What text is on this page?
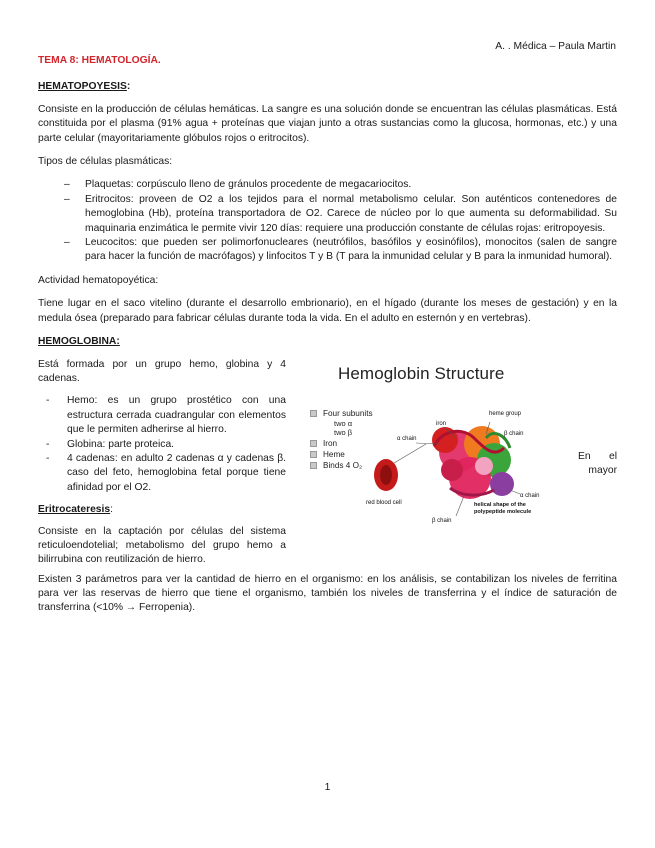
A. . Médica – Paula Martin
TEMA 8: HEMATOLOGÍA.
HEMATOPOYESIS:

Consiste en la producción de células hemáticas. La sangre es una solución donde se encuentran las células plasmáticas. Está constituida por el plasma (91% agua + proteínas que viajan junto a otras sustancias como la glucosa, hormonas, etc.) y una parte celular (mayoritariamente glóbulos rojos o eritrocitos).

Tipos de células plasmáticas:

– Plaquetas: corpúsculo lleno de gránulos procedente de megacariocitos.
– Eritrocitos: proveen de O2 a los tejidos para el normal metabolismo celular. Son auténticos contenedores de hemoglobina (Hb), proteína transportadora de O2. Carece de núcleo por lo que aumenta su deformabilidad. Su maquinaria enzimática le permite vivir 120 días: requiere una producción constante de células rojas: eritropoyesis.
– Leucocitos: que pueden ser polimorfonucleares (neutrófilos, basófilos y eosinófilos), monocitos (salen de sangre para hacer la función de macrófagos) y linfocitos T y B (T para la inmunidad celular y B para la inmunidad humoral).

Actividad hematopoyética:

Tiene lugar en el saco vitelino (durante el desarrollo embrionario), en el hígado (durante los meses de gestación) y en la medula ósea (preparado para fabricar células durante toda la vida. En el adulto en esternón y en vertebras).

HEMOGLOBINA:

Está formada por un grupo hemo, globina y 4 cadenas.

- Hemo: es un grupo prostético con una estructura cerrada cuadrangular con elementos que le permiten adherirse al hierro.
- Globina: parte proteica.
- 4 cadenas: en adulto 2 cadenas α y cadenas β. caso del feto, hemoglobina fetal porque tiene afinidad por el O2.
Eritrocateresis:

Consiste en la captación por células del sistema reticuloendotelial; metabolismo del grupo hemo a bilirrubina con reutilización de hierro.

En el
mayor
Hemoglobin Structure
Four subunits
two α
two β
Iron
Heme
Binds 4 O₂
iron
heme group
β chain
α chain
red blood cell
β chain
α chain
helical shape of the polypeptide molecule

Existen 3 parámetros para ver la cantidad de hierro en el organismo: en los análisis, se contabilizan los niveles de ferritina para ver las reservas de hierro que tiene el organismo, también los niveles de transferrina y el índice de saturación de transferrina (<10% → Ferropenia).

1
